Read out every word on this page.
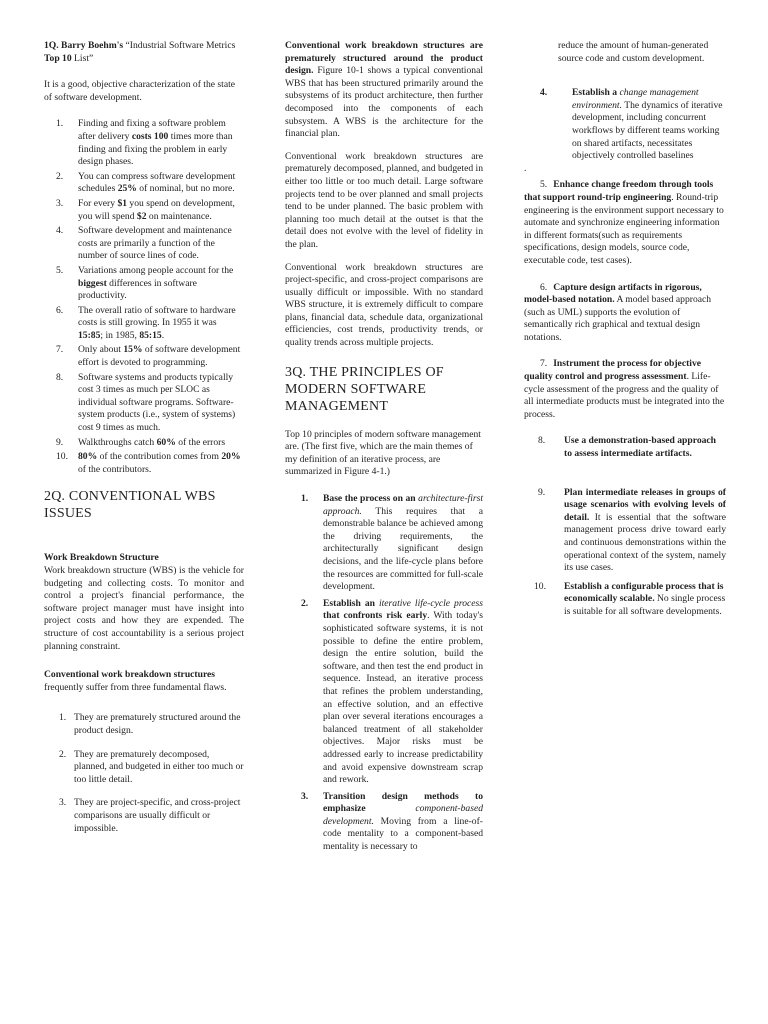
1Q. Barry Boehm's “Industrial Software Metrics Top 10 List”

It is a good, objective characterization of the state of software development.

1. Finding and fixing a software problem after delivery costs 100 times more than finding and fixing the problem in early design phases.
2. You can compress software development schedules 25% of nominal, but no more.
3. For every $1 you spend on development, you will spend $2 on maintenance.
4. Software development and maintenance costs are primarily a function of the number of source lines of code.
5. Variations among people account for the biggest differences in software productivity.
6. The overall ratio of software to hardware costs is still growing. In 1955 it was 15:85; in 1985, 85:15.
7. Only about 15% of software development effort is devoted to programming.
8. Software systems and products typically cost 3 times as much per SLOC as individual software programs. Software-system products (i.e., system of systems) cost 9 times as much.
9. Walkthroughs catch 60% of the errors
10. 80% of the contribution comes from 20% of the contributors.
2Q. CONVENTIONAL WBS ISSUES
Work Breakdown Structure

Work breakdown structure (WBS) is the vehicle for budgeting and collecting costs. To monitor and control a project's financial performance, the software project manager must have insight into project costs and how they are expended. The structure of cost accountability is a serious project planning constraint.

Conventional work breakdown structures frequently suffer from three fundamental flaws.

1. They are prematurely structured around the product design.
2. They are prematurely decomposed, planned, and budgeted in either too much or too little detail.
3. They are project-specific, and cross-project comparisons are usually difficult or impossible.

Conventional work breakdown structures are prematurely structured around the product design. Figure 10-1 shows a typical conventional WBS that has been structured primarily around the subsystems of its product architecture, then further decomposed into the components of each subsystem. A WBS is the architecture for the financial plan.

Conventional work breakdown structures are prematurely decomposed, planned, and budgeted in either too little or too much detail. Large software projects tend to be over planned and small projects tend to be under planned. The basic problem with planning too much detail at the outset is that the detail does not evolve with the level of fidelity in the plan.

Conventional work breakdown structures are project-specific, and cross-project comparisons are usually difficult or impossible. With no standard WBS structure, it is extremely difficult to compare plans, financial data, schedule data, organizational efficiencies, cost trends, productivity trends, or quality trends across multiple projects.

3Q. THE PRINCIPLES OF MODERN SOFTWARE MANAGEMENT

Top 10 principles of modern software management are. (The first five, which are the main themes of my definition of an iterative process, are summarized in Figure 4-1.)

1. Base the process on an architecture-first approach. This requires that a demonstrable balance be achieved among the driving requirements, the architecturally significant design decisions, and the life-cycle plans before the resources are committed for full-scale development.
2. Establish an iterative life-cycle process that confronts risk early. With today's sophisticated software systems, it is not possible to define the entire problem, design the entire solution, build the software, and then test the end product in sequence. Instead, an iterative process that refines the problem understanding, an effective solution, and an effective plan over several iterations encourages a balanced treatment of all stakeholder objectives. Major risks must be addressed early to increase predictability and avoid expensive downstream scrap and rework.
3. Transition design methods to emphasize component-based development. Moving from a line-of-code mentality to a component-based mentality is necessary to

reduce the amount of human-generated source code and custom development.

4.	Establish a change management environment. The dynamics of iterative development, including concurrent workflows by different teams working on shared artifacts, necessitates objectively controlled baselines
.
5. Enhance change freedom through tools that support round-trip engineering. Round-trip engineering is the environment support necessary to automate and synchronize engineering information in different formats(such as requirements specifications, design models, source code, executable code, test cases).
6. Capture design artifacts in rigorous, model-based notation. A model based approach (such as UML) supports the evolution of semantically rich graphical and textual design notations.
7. Instrument the process for objective quality control and progress assessment. Life-cycle assessment of the progress and the quality of all intermediate products must be integrated into the process.
8. Use a demonstration-based approach to assess intermediate artifacts.
9. Plan intermediate releases in groups of usage scenarios with evolving levels of detail. It is essential that the software management process drive toward early and continuous demonstrations within the operational context of the system, namely its use cases.
10. Establish a configurable process that is economically scalable. No single process is suitable for all software developments.
